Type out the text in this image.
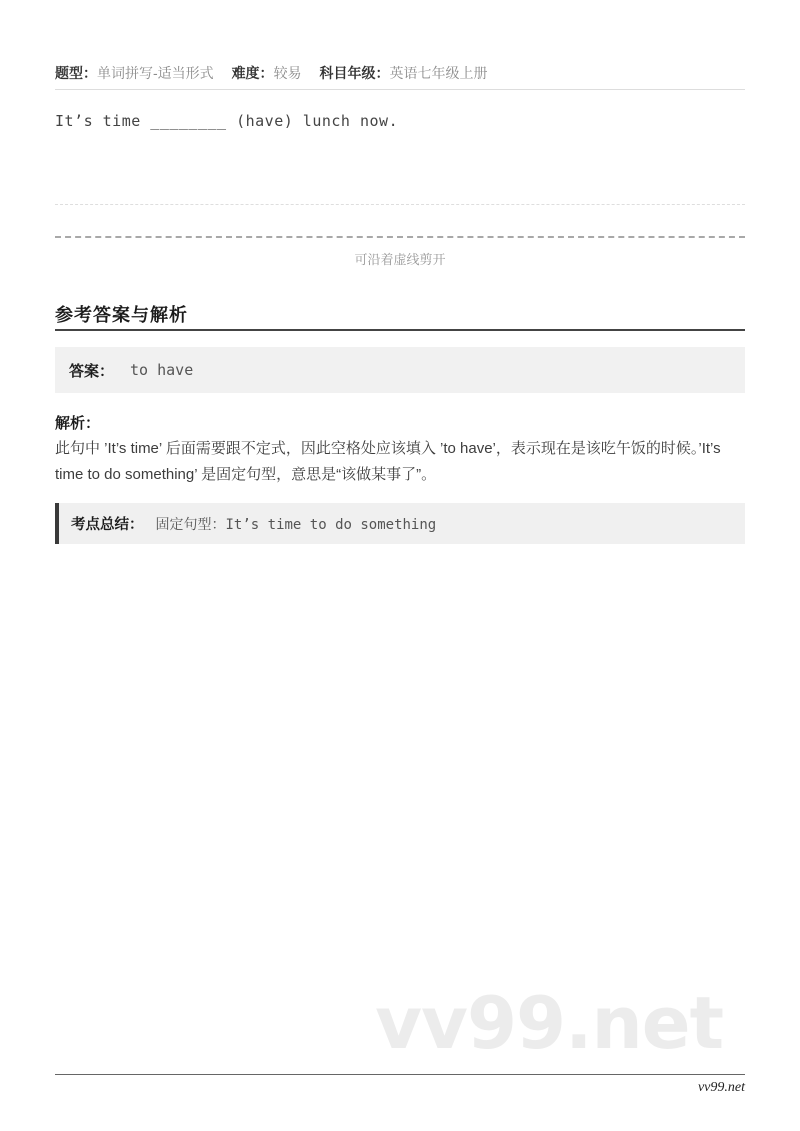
题型：单词拼写-适当形式 难度：较易 科目年级：英语七年级上册
It’s time ________ (have) lunch now.
可沿着虚线剪开
参考答案与解析
答案： to have
解析：
此句中 ’It’s time’ 后面需要跟不定式，因此空格处应该填入 ’to have’，表示现在是该吃午饭的时候。’It’s time to do something’ 是固定句型，意思是“该做某事了”。
考点总结： 固定句型：It’s time to do something
vv99.net
vv99.net
